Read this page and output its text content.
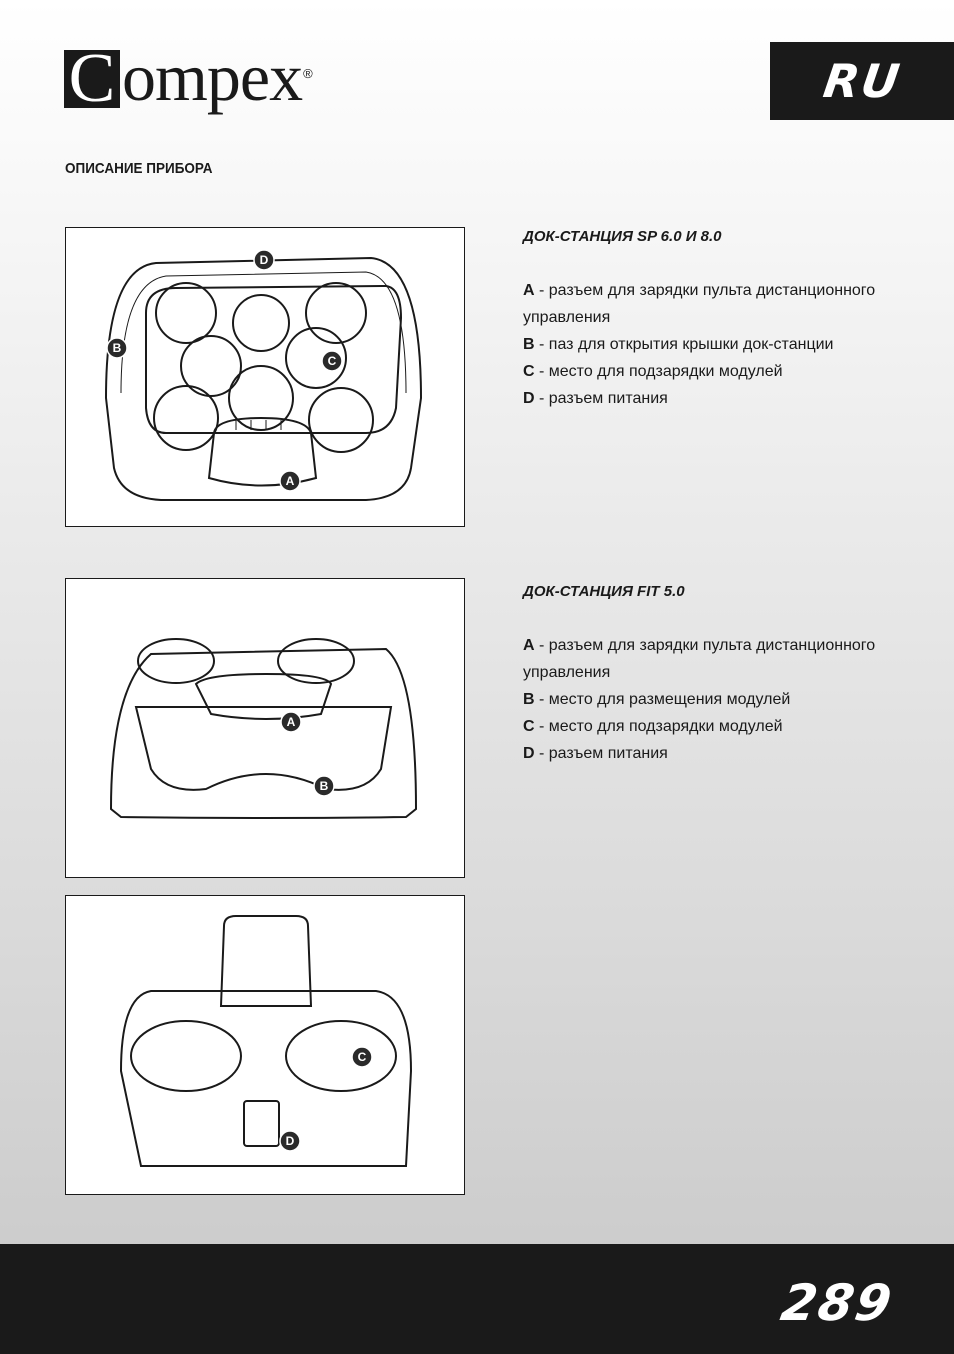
C ompex ®	RU
ОПИСАНИЕ ПРИБОРА
D
B
C
A
ДОК-СТАНЦИЯ SP 6.0 И 8.0

A - разъем для зарядки пульта дистанционного управления

B - паз для открытия крышки док-станции

C - место для подзарядки модулей

D - разъем питания

A
B
ДОК-СТАНЦИЯ FIT 5.0

A - разъем для зарядки пульта дистанционного управления

B - место для размещения модулей

C - место для подзарядки модулей

D - разъем питания

C
D
289
